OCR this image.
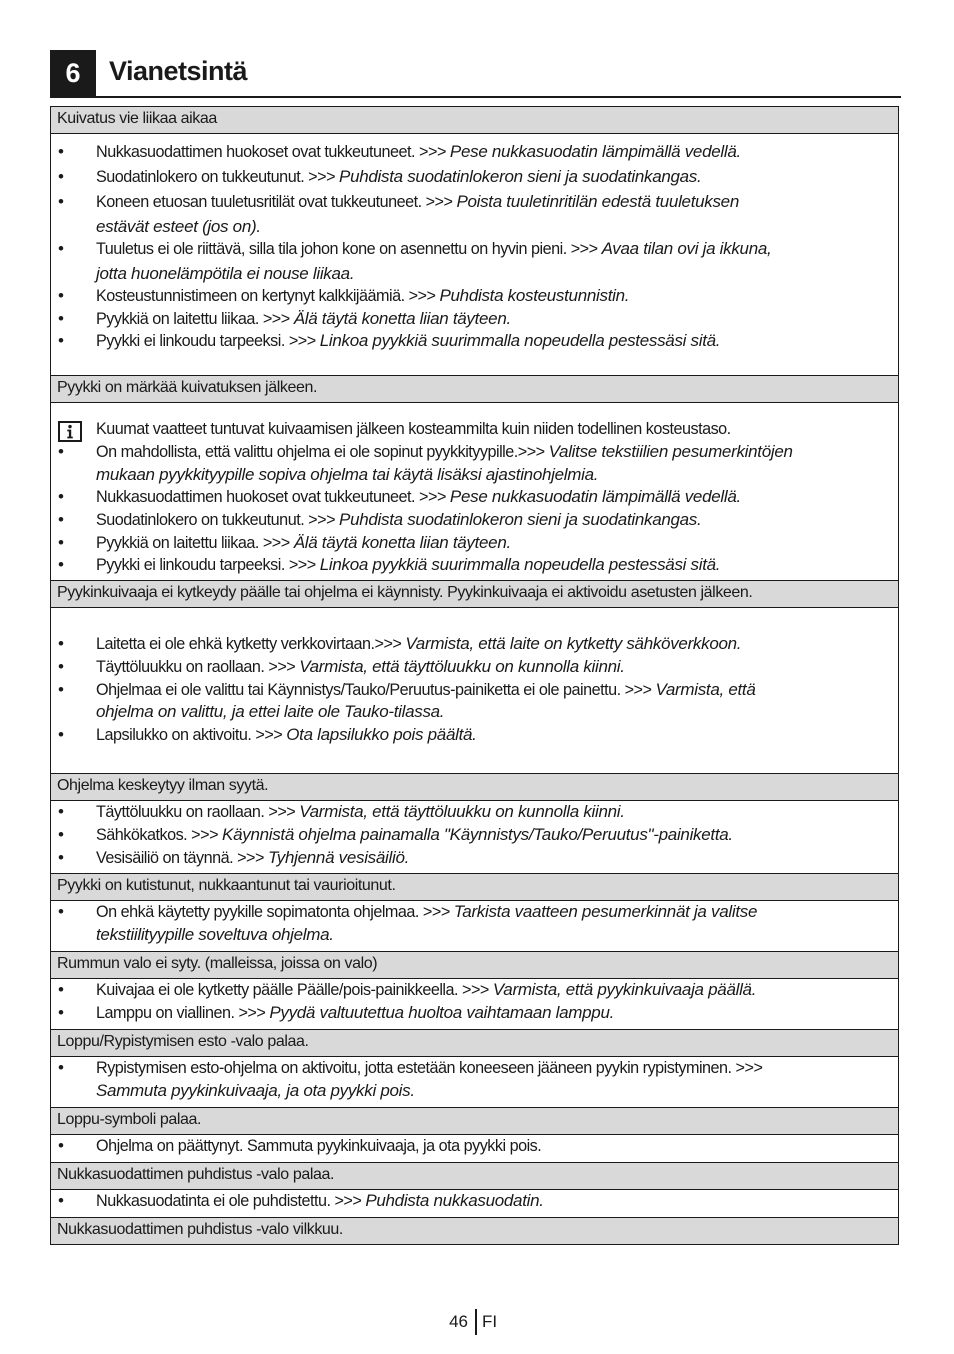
6	Vianetsintä
Kuivatus vie liikaa aikaa
• Nukkasuodattimen huokoset ovat tukkeutuneet. >>> Pese nukkasuodatin lämpimällä vedellä.
• Suodatinlokero on tukkeutunut. >>> Puhdista suodatinlokeron sieni ja suodatinkangas.
• Koneen etuosan tuuletusritilät ovat tukkeutuneet. >>> Poista tuuletinritilän edestä tuuletuksen
estävät esteet (jos on).
• Tuuletus ei ole riittävä, silla tila johon kone on asennettu on hyvin pieni. >>> Avaa tilan ovi ja ikkuna,
jotta huonelämpötila ei nouse liikaa.
• Kosteustunnistimeen on kertynyt kalkkijäämiä. >>> Puhdista kosteustunnistin.
• Pyykkiä on laitettu liikaa. >>> Älä täytä konetta liian täyteen.
• Pyykki ei linkoudu tarpeeksi. >>> Linkoa pyykkiä suurimmalla nopeudella pestessäsi sitä.
Pyykki on märkää kuivatuksen jälkeen.
Kuumat vaatteet tuntuvat kuivaamisen jälkeen kosteammilta kuin niiden todellinen kosteustaso.
• On mahdollista, että valittu ohjelma ei ole sopinut pyykkityypille.>>> Valitse tekstiilien pesumerkintöjen
mukaan pyykkityypille sopiva ohjelma tai käytä lisäksi ajastinohjelmia.
• Nukkasuodattimen huokoset ovat tukkeutuneet. >>> Pese nukkasuodatin lämpimällä vedellä.
• Suodatinlokero on tukkeutunut. >>> Puhdista suodatinlokeron sieni ja suodatinkangas.
• Pyykkiä on laitettu liikaa. >>> Älä täytä konetta liian täyteen.
• Pyykki ei linkoudu tarpeeksi. >>> Linkoa pyykkiä suurimmalla nopeudella pestessäsi sitä.
Pyykinkuivaaja ei kytkeydy päälle tai ohjelma ei käynnisty. Pyykinkuivaaja ei aktivoidu asetusten jälkeen.
• Laitetta ei ole ehkä kytketty verkkovirtaan.>>> Varmista, että laite on kytketty sähköverkkoon.
• Täyttöluukku on raollaan. >>> Varmista, että täyttöluukku on kunnolla kiinni.
• Ohjelmaa ei ole valittu tai Käynnistys/Tauko/Peruutus-painiketta ei ole painettu. >>> Varmista, että
ohjelma on valittu, ja ettei laite ole Tauko-tilassa.
• Lapsilukko on aktivoitu. >>> Ota lapsilukko pois päältä.
Ohjelma keskeytyy ilman syytä.
• Täyttöluukku on raollaan. >>> Varmista, että täyttöluukku on kunnolla kiinni.
• Sähkökatkos. >>> Käynnistä ohjelma painamalla "Käynnistys/Tauko/Peruutus"-painiketta.
• Vesisäiliö on täynnä. >>> Tyhjennä vesisäiliö.
Pyykki on kutistunut, nukkaantunut tai vaurioitunut.
• On ehkä käytetty pyykille sopimatonta ohjelmaa. >>> Tarkista vaatteen pesumerkinnät ja valitse
tekstiilityypille soveltuva ohjelma.
Rummun valo ei syty. (malleissa, joissa on valo)
• Kuivajaa ei ole kytketty päälle Päälle/pois-painikkeella. >>> Varmista, että pyykinkuivaaja päällä.
• Lamppu on viallinen. >>> Pyydä valtuutettua huoltoa vaihtamaan lamppu.
Loppu/Rypistymisen esto -valo palaa.
• Rypistymisen esto-ohjelma on aktivoitu, jotta estetään koneeseen jääneen pyykin rypistyminen. >>>
Sammuta pyykinkuivaaja, ja ota pyykki pois.
Loppu-symboli palaa.
• Ohjelma on päättynyt. Sammuta pyykinkuivaaja, ja ota pyykki pois.
Nukkasuodattimen puhdistus -valo palaa.
• Nukkasuodatinta ei ole puhdistettu. >>> Puhdista nukkasuodatin.
Nukkasuodattimen puhdistus -valo vilkkuu.
46 FI
